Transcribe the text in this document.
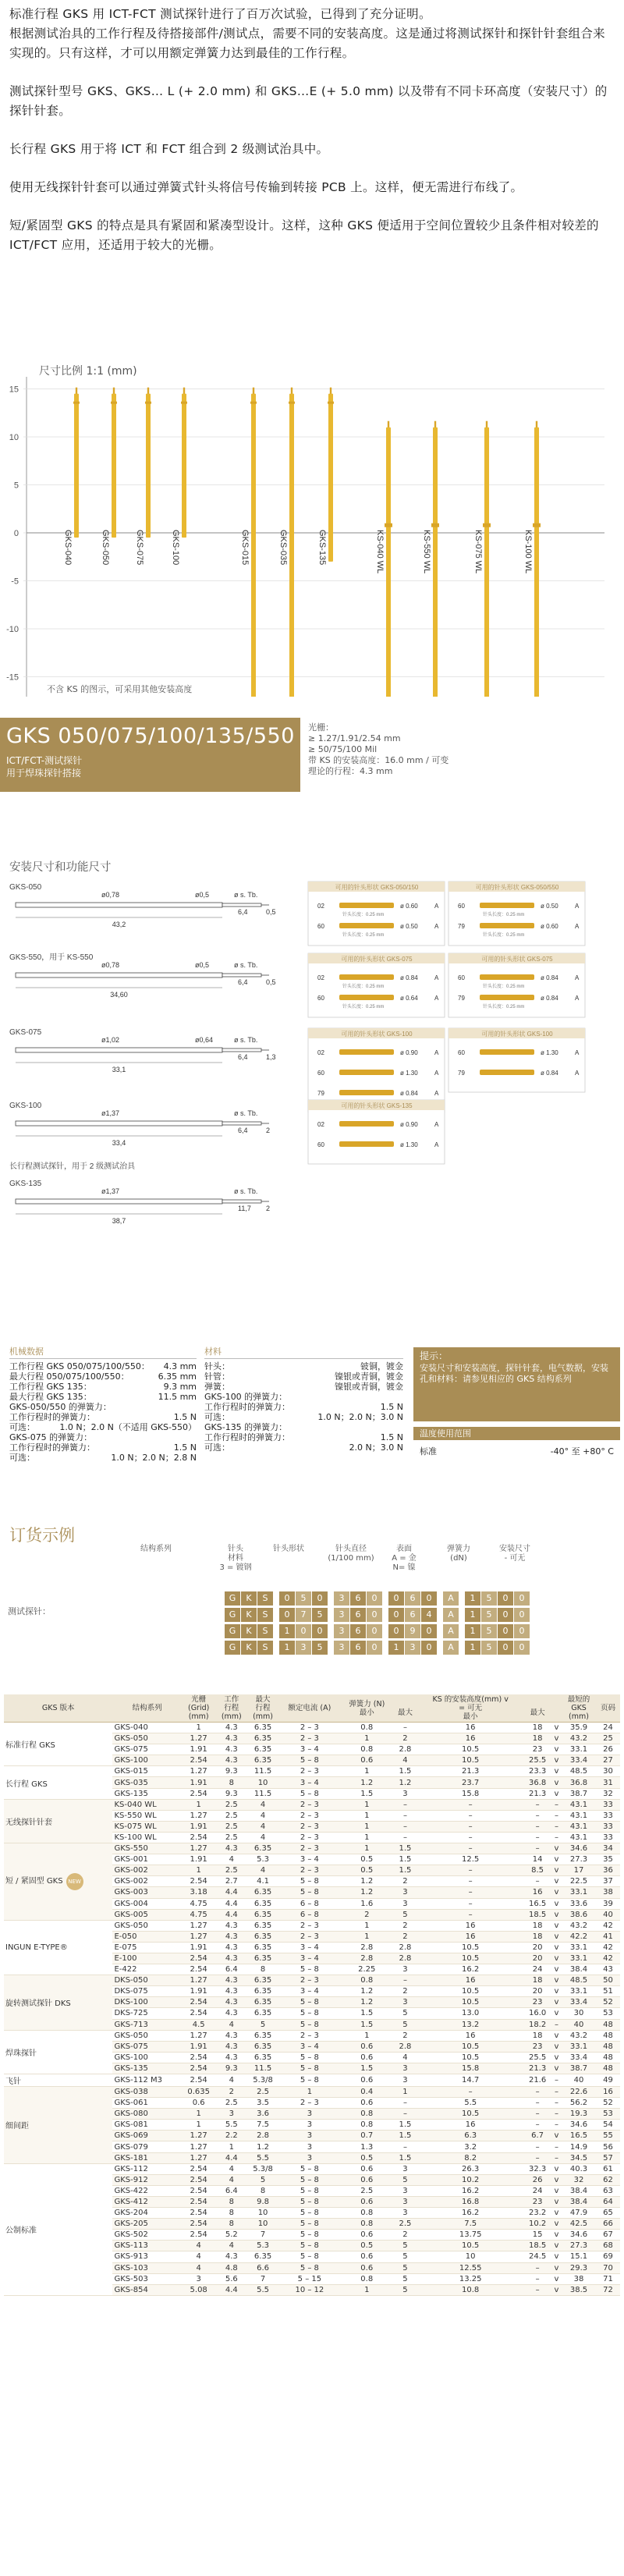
标准行程 GKS 用 ICT-FCT 测试探针进行了百万次试验，已得到了充分证明。

根据测试治具的工作行程及待搭接部件/测试点，需要不同的安装高度。这是通过将测试探针和探针针套组合来实现的。只有这样，才可以用额定弹簧力达到最佳的工作行程。

测试探针型号 GKS、GKS… L (+ 2.0 mm) 和 GKS…E (+ 5.0 mm) 以及带有不同卡环高度（安装尺寸）的探针针套。

长行程 GKS 用于将 ICT 和 FCT 组合到 2 级测试治具中。

使用无线探针针套可以通过弹簧式针头将信号传输到转接 PCB 上。这样，便无需进行布线了。

短/紧固型 GKS 的特点是具有紧固和紧凑型设计。这样，这种 GKS 便适用于空间位置较少且条件相对较差的 ICT/FCT 应用，还适用于较大的光栅。

尺寸比例 1:1 (mm)
15
10
5
0
-5
-10
-15
GKS-040	GKS-050	GKS-075	GKS-100	GKS-015	GKS-035	GKS-135	KS-040 WL	KS-550 WL	KS-075 WL	KS-100 WL
不含 KS 的图示，可采用其他安装高度
GKS 050/075/100/135/550
ICT/FCT-测试探针
用于焊珠探针搭接
光栅：
≥ 1.27/1.91/2.54 mm
≥ 50/75/100 Mil
带 KS 的安装高度：16.0 mm / 可变
理论的行程：4.3 mm
安装尺寸和功能尺寸
GKS-050
43,2
ø0,78	ø0,5	ø s. Tb.
6,4	0,5
GKS-550，用于 KS-550
34,60
ø0,78	ø0,5	ø s. Tb.
6,4	0,5
GKS-075
33,1
ø1,02	ø0,64	ø s. Tb.
6,4	1,3
GKS-100
33,4
ø1,37	ø s. Tb.
6,4	2
GKS-135
38,7
ø1,37	ø s. Tb.
11,7 2
长行程测试探针，用于 2 级测试治具
可用的针头形状 GKS-050/150
02	ø 0.60	A
针头长度：0.25 mm
60	ø 0.50	A
针头长度：0.25 mm
可用的针头形状 GKS-050/550
60	ø 0.50	A
针头长度：0.25 mm
79	ø 0.60	A
针头长度：0.25 mm
可用的针头形状 GKS-075
02	ø 0.84	A
针头长度：0.25 mm
60	ø 0.64	A
针头长度：0.25 mm
可用的针头形状 GKS-075
60	ø 0.84	A
针头长度：0.25 mm
79	ø 0.84	A
针头长度：0.25 mm
可用的针头形状 GKS-100
02	ø 0.90	A
60	ø 1.30	A
79	ø 0.84	A
可用的针头形状 GKS-100
60	ø 1.30	A
79	ø 0.84	A
可用的针头形状 GKS-135
02	ø 0.90	A
60	ø 1.30	A
机械数据
工作行程 GKS 050/075/100/550： 4.3 mm
最大行程 050/075/100/550：	6.35 mm
工作行程 GKS 135：	9.3 mm
最大行程 GKS 135：	11.5 mm
GKS-050/550 的弹簧力：
工作行程时的弹簧力：	1.5 N
可选：	1.0 N；2.0 N（不适用 GKS-550）
GKS-075 的弹簧力：
工作行程时的弹簧力：	1.5 N
可选：	1.0 N；2.0 N；2.8 N
材料
针头：	铍铜，镀金
针管：	镍银或青铜，镀金
弹簧：	镍银或青铜，镀金
GKS-100 的弹簧力：
工作行程时的弹簧力：	1.5 N
可选：	1.0 N；2.0 N；3.0 N
GKS-135 的弹簧力：
工作行程时的弹簧力：	1.5 N
可选：	2.0 N；3.0 N
提示：
安装尺寸和安装高度，探针针套，电气数据，安装孔和材料：请参见相应的 GKS 结构系列
温度使用范围
标准	-40° 至 +80° C
订货示例
测试探针：
结构系列	针头
材料
3 = 镀钢
针头形状	针头直径
(1/100 mm)
表面
A = 金
N= 镍
弹簧力
(dN)
安装尺寸
- 可无
G	K	S	0	5	0	3	6	0	0	6	0	A	1	5	0	0
G	K	S	0	7	5	3	6	0	0	6	4	A	1	5	0	0
G	K	S	1	0	0	3	6	0	0	9	0	A	1	5	0	0
G	K	S	1	3	5	3	6	0	1	3	0	A	1	5	0	0
GKS 版本	结构系列	光栅
(Grid)
(mm)	工作
行程
(mm)	最大
行程
(mm)	额定电流 (A)	弹簧力 (N)
最小	最大	KS 的安装高度(mm) v
= 可无
最小	最大		最短的
GKS
(mm)	页码
标准行程 GKS	GKS-040	1	4.3	6.35	2 – 3	0.8	–	16	18	v	35.9	24
	GKS-050	1.27	4.3	6.35	2 – 3	1	2	16	18	v	43.2	25
	GKS-075	1.91	4.3	6.35	3 – 4	0.8	2.8	10.5	23	v	33.1	26
	GKS-100	2.54	4.3	6.35	5 – 8	0.6	4	10.5	25.5	v	33.4	27
长行程 GKS	GKS-015	1.27	9.3	11.5	2 – 3	1	1.5	21.3	23.3	v	48.5	30
	GKS-035	1.91	8	10	3 – 4	1.2	1.2	23.7	36.8	v	36.8	31
	GKS-135	2.54	9.3	11.5	5 – 8	1.5	3	15.8	21.3	v	38.7	32
无线探针针套	KS-040 WL	1	2.5	4	2 – 3	1	–	–	–	–	43.1	33
	KS-550 WL	1.27	2.5	4	2 – 3	1	–	–	–	–	43.1	33
	KS-075 WL	1.91	2.5	4	2 – 3	1	–	–	–	–	43.1	33
	KS-100 WL	2.54	2.5	4	2 – 3	1	–	–	–	–	43.1	33
短 / 紧固型 GKS NEW	GKS-550	1.27	4.3	6.35	2 – 3	1	1.5	–	–	v	34.6	34
	GKS-001	1.91	4	5.3	3 – 4	0.5	1.5	12.5	14	v	27.3	35
	GKS-002	1	2.5	4	2 – 3	0.5	1.5	–	8.5	v	17	36
	GKS-002	2.54	2.7	4.1	5 – 8	1.2	2	–	–	v	22.5	37
	GKS-003	3.18	4.4	6.35	5 – 8	1.2	3	–	16	v	33.1	38
	GKS-004	4.75	4.4	6.35	6 – 8	1.6	3	–	16.5	v	33.6	39
	GKS-005	4.75	4.4	6.35	6 – 8	2	5	–	18.5	v	38.6	40
INGUN E-TYPE®	GKS-050	1.27	4.3	6.35	2 – 3	1	2	16	18	v	43.2	42
	E-050	1.27	4.3	6.35	2 – 3	1	2	16	18	v	42.2	41
	E-075	1.91	4.3	6.35	3 – 4	2.8	2.8	10.5	20	v	33.1	42
	E-100	2.54	4.3	6.35	3 – 4	2.8	2.8	10.5	20	v	33.1	42
	E-422	2.54	6.4	8	5 – 8	2.25	3	16.2	24	v	38.4	43
旋转测试探针 DKS	DKS-050	1.27	4.3	6.35	2 – 3	0.8	–	16	18	v	48.5	50
	DKS-075	1.91	4.3	6.35	3 – 4	1.2	2	10.5	20	v	33.1	51
	DKS-100	2.54	4.3	6.35	5 – 8	1.2	3	10.5	23	v	33.4	52
	DKS-725	2.54	4.3	6.35	5 – 8	1.5	5	13.0	16.0	v	30	53
	GKS-713	4.5	4	5	5 – 8	1.5	5	13.2	18.2	–	40	48
焊珠探针	GKS-050	1.27	4.3	6.35	2 – 3	1	2	16	18	v	43.2	48
	GKS-075	1.91	4.3	6.35	3 – 4	0.6	2.8	10.5	23	v	33.1	48
	GKS-100	2.54	4.3	6.35	5 – 8	0.6	4	10.5	25.5	v	33.4	48
	GKS-135	2.54	9.3	11.5	5 – 8	1.5	3	15.8	21.3	v	38.7	48
飞针	GKS-112 M3	2.54	4	5.3/8	5 – 8	0.6	3	14.7	21.6	–	40	49
细间距	GKS-038	0.635	2	2.5	1	0.4	1	–	–	–	22.6	16
	GKS-061	0.6	2.5	3.5	2 – 3	0.6	–	5.5	–	–	56.2	52
	GKS-080	1	3	3.6	3	0.8	–	10.5	–	–	19.3	53
	GKS-081	1	5.5	7.5	3	0.8	1.5	16	–	–	34.6	54
	GKS-069	1.27	2.2	2.8	3	0.7	1.5	6.3	6.7	v	16.5	55
	GKS-079	1.27	1	1.2	3	1.3	–	3.2	–	–	14.9	56
	GKS-181	1.27	4.4	5.5	3	0.5	1.5	8.2	–	–	34.5	57
公制标准	GKS-112	2.54	4	5.3/8	5 – 8	0.6	3	26.3	32.3	v	40.3	61
	GKS-912	2.54	4	5	5 – 8	0.6	5	10.2	26	v	32	62
	GKS-422	2.54	6.4	8	5 – 8	2.5	3	16.2	24	v	38.4	63
	GKS-412	2.54	8	9.8	5 – 8	0.6	3	16.8	23	v	38.4	64
	GKS-204	2.54	8	10	5 – 8	0.8	3	16.2	23.2	v	47.9	65
	GKS-205	2.54	8	10	5 – 8	0.8	2.5	7.5	10.2	v	42.5	66
	GKS-502	2.54	5.2	7	5 – 8	0.6	2	13.75	15	v	34.6	67
	GKS-113	4	4	5.3	5 – 8	0.5	5	10.5	18.5	v	27.3	68
	GKS-913	4	4.3	6.35	5 – 8	0.6	5	10	24.5	v	15.1	69
	GKS-103	4	4.8	6.6	5 – 8	0.6	5	12.55	–	v	29.3	70
	GKS-503	3	5.6	7	5 – 15	0.8	5	13.25	–	v	38	71
	GKS-854	5.08	4.4	5.5	10 – 12	1	5	10.8	–	v	38.5	72
